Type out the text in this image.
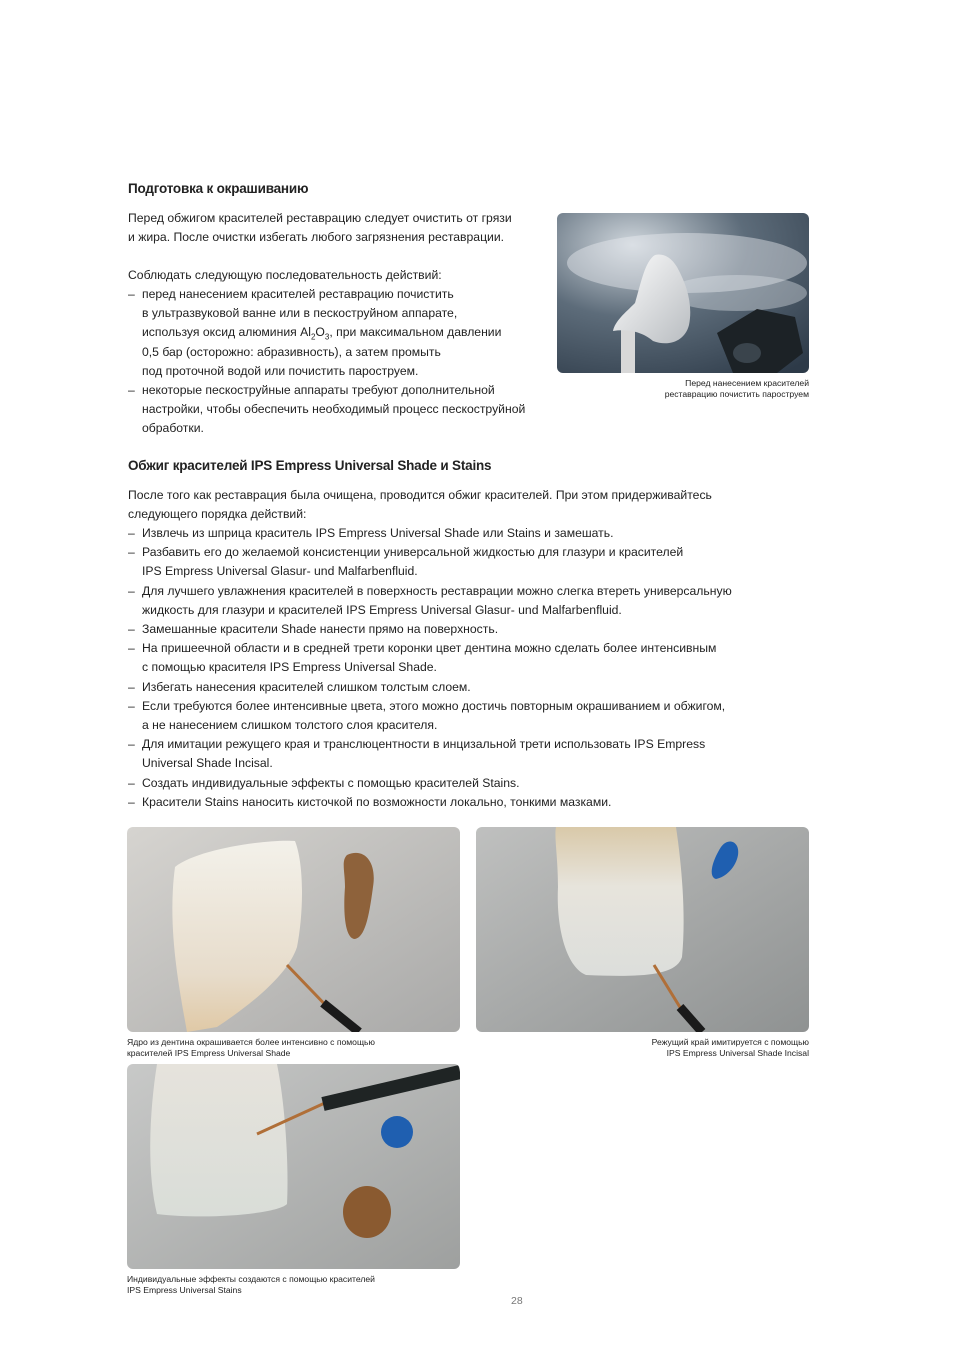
Подготовка к окрашиванию
Перед обжигом красителей реставрацию следует очистить от грязи
и жира. После очистки избегать любого загрязнения реставрации.
Соблюдать следующую последовательность действий:
– перед нанесением красителей реставрацию почистить
в ультразвуковой ванне или в пескоструйном аппарате,
используя оксид алюминия $Al_2O_3$, при максимальном давлении
0,5 бар (осторожно: абразивность), а затем промыть
под проточной водой или почистить пароструем.
– некоторые пескоструйные аппараты требуют дополнительной
настройки, чтобы обеспечить необходимый процесс пескоструйной
обработки.
Перед нанесением красителей
реставрацию почистить пароструем
Обжиг красителей IPS Empress Universal Shade и Stains
После того как реставрация была очищена, проводится обжиг красителей. При этом придерживайтесь
следующего порядка действий:
– Извлечь из шприца краситель IPS Empress Universal Shade или Stains и замешать.
– Разбавить его до желаемой консистенции универсальной жидкостью для глазури и красителей
IPS Empress Universal Glasur- und Malfarbenfluid.
– Для лучшего увлажнения красителей в поверхность реставрации можно слегка втереть универсальную
жидкость для глазури и красителей IPS Empress Universal Glasur- und Malfarbenfluid.
– Замешанные красители Shade нанести прямо на поверхность.
– На пришеечной области и в средней трети коронки цвет дентина можно сделать более интенсивным
с помощью красителя IPS Empress Universal Shade.
– Избегать нанесения красителей слишком толстым слоем.
– Если требуются более интенсивные цвета, этого можно достичь повторным окрашиванием и обжигом,
а не нанесением слишком толстого слоя красителя.
– Для имитации режущего края и транслюцентности в инцизальной трети использовать IPS Empress
Universal Shade Incisal.
– Создать индивидуальные эффекты с помощью красителей Stains.
– Красители Stains наносить кисточкой по возможности локально, тонкими мазками.
Ядро из дентина окрашивается более интенсивно с помощью
красителей IPS Empress Universal Shade
Режущий край имитируется с помощью
IPS Empress Universal Shade Incisal
Индивидуальные эффекты создаются с помощью красителей
IPS Empress Universal Stains
28
